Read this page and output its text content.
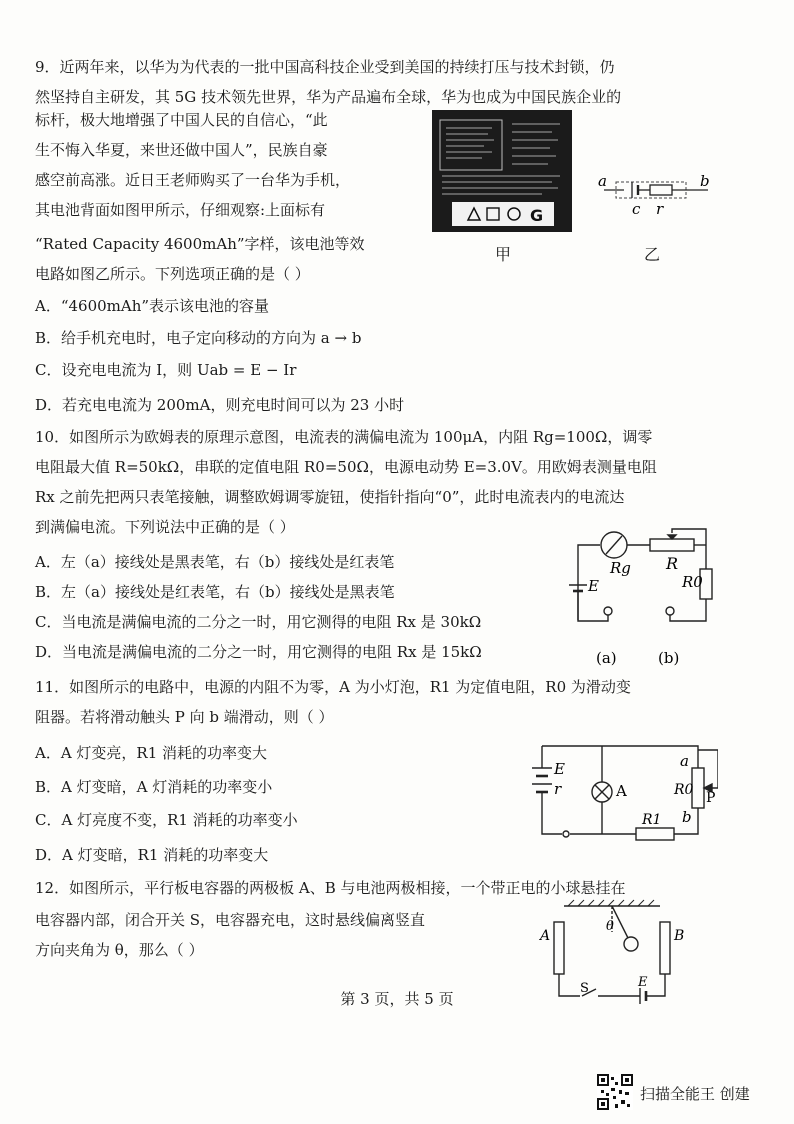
9．近两年来，以华为为代表的一批中国高科技企业受到美国的持续打压与技术封锁，仍
然坚持自主研发，其 5G 技术领先世界，华为产品遍布全球，华为也成为中国民族企业的
标杆，极大地增强了中国人民的自信心，“此
生不悔入华夏，来世还做中国人”，民族自豪
感空前高涨。近日王老师购买了一台华为手机，
其电池背面如图甲所示，仔细观察:上面标有
“Rated Capacity 4600mAh”字样，该电池等效
电路如图乙所示。下列选项正确的是（ ）
A．“4600mAh”表示该电池的容量
B．给手机充电时，电子定向移动的方向为 a → b
C．设充电电流为 I，则 Uab = E − Ir
D．若充电电流为 200mA，则充电时间可以为 23 小时
G
甲
a	b
c r
乙
10．如图所示为欧姆表的原理示意图，电流表的满偏电流为 100μA，内阻 Rg=100Ω，调零
电阻最大值 R=50kΩ，串联的定值电阻 R0=50Ω，电源电动势 E=3.0V。用欧姆表测量电阻
Rx 之前先把两只表笔接触，调整欧姆调零旋钮，使指针指向“0”，此时电流表内的电流达
到满偏电流。下列说法中正确的是（ ）
A．左（a）接线处是黑表笔，右（b）接线处是红表笔
B．左（a）接线处是红表笔，右（b）接线处是黑表笔
C．当电流是满偏电流的二分之一时，用它测得的电阻 Rx 是 30kΩ
D．当电流是满偏电流的二分之一时，用它测得的电阻 Rx 是 15kΩ
Rg R
E	R0
(a)	(b)
11．如图所示的电路中，电源的内阻不为零，A 为小灯泡，R1 为定值电阻，R0 为滑动变
阻器。若将滑动触头 P 向 b 端滑动，则（ ）
A．A 灯变亮，R1 消耗的功率变大
B．A 灯变暗，A 灯消耗的功率变小
C．A 灯亮度不变，R1 消耗的功率变小
D．A 灯变暗，R1 消耗的功率变大
E
r	A
a
R0 P
b
R1
12．如图所示，平行板电容器的两极板 A、B 与电池两极相接，一个带正电的小球悬挂在
电容器内部，闭合开关 S，电容器充电，这时悬线偏离竖直
方向夹角为 θ，那么（ ）
A	B
θ
S	E
第 3 页，共 5 页
扫描全能王 创建
